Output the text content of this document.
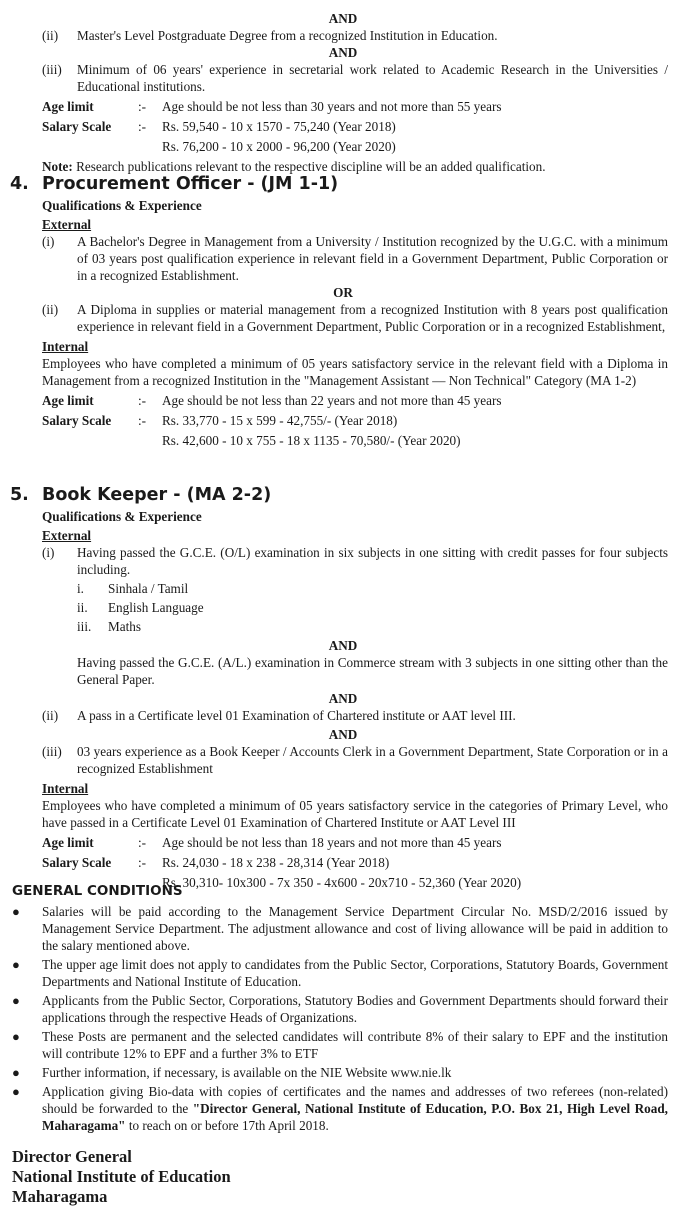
AND
(ii)	Master's Level Postgraduate Degree from a recognized Institution in Education.
AND
(iii)	Minimum of 06 years' experience in secretarial work related to Academic Research in the Universities / Educational institutions.
Age limit	:-	Age should be not less than 30 years and not more than 55 years
Salary Scale	:-	Rs. 59,540 - 10 x 1570 - 75,240 (Year 2018)
Rs. 76,200 - 10 x 2000 - 96,200 (Year 2020)
Note: Research publications relevant to the respective discipline will be an added qualification.
4. Procurement Officer - (JM 1-1)
Qualifications & Experience
External
(i)	A Bachelor's Degree in Management from a University / Institution recognized by the U.G.C. with a minimum of 03 years post qualification experience in relevant field in a Government Department, Public Corporation or in a recognized Establishment.
OR
(ii)	A Diploma in supplies or material management from a recognized Institution with 8 years post qualification experience in relevant field in a Government Department, Public Corporation or in a recognized Establishment,
Internal
Employees who have completed a minimum of 05 years satisfactory service in the relevant field with a Diploma in Management from a recognized Institution in the "Management Assistant — Non Technical" Category (MA 1-2)
Age limit	:-	Age should be not less than 22 years and not more than 45 years
Salary Scale	:-	Rs. 33,770 - 15 x 599 - 42,755/- (Year 2018)
Rs. 42,600 - 10 x 755 - 18 x 1135 - 70,580/- (Year 2020)
5. Book Keeper - (MA 2-2)
Qualifications & Experience
External
(i)	Having passed the G.C.E. (O/L) examination in six subjects in one sitting with credit passes for four subjects including.
i.	Sinhala / Tamil
ii.	English Language
iii.	Maths
AND
Having passed the G.C.E. (A/L.) examination in Commerce stream with 3 subjects in one sitting other than the General Paper.
AND
(ii)	A pass in a Certificate level 01 Examination of Chartered institute or AAT level III.
AND
(iii)	03 years experience as a Book Keeper / Accounts Clerk in a Government Department, State Corporation or in a recognized Establishment
Internal
Employees who have completed a minimum of 05 years satisfactory service in the categories of Primary Level, who have passed in a Certificate Level 01 Examination of Chartered Institute or AAT Level III
Age limit	:-	Age should be not less than 18 years and not more than 45 years
Salary Scale	:-	Rs. 24,030 - 18 x 238 - 28,314 (Year 2018)
Rs. 30,310- 10x300 - 7x 350 - 4x600 - 20x710 - 52,360 (Year 2020)
GENERAL CONDITIONS
●	Salaries will be paid according to the Management Service Department Circular No. MSD/2/2016 issued by Management Service Department. The adjustment allowance and cost of living allowance will be paid in addition to the salary mentioned above.
●	The upper age limit does not apply to candidates from the Public Sector, Corporations, Statutory Boards, Government Departments and National Institute of Education.
●	Applicants from the Public Sector, Corporations, Statutory Bodies and Government Departments should forward their applications through the respective Heads of Organizations.
●	These Posts are permanent and the selected candidates will contribute 8% of their salary to EPF and the institution will contribute 12% to EPF and a further 3% to ETF
●	Further information, if necessary, is available on the NIE Website www.nie.lk
●	Application giving Bio-data with copies of certificates and the names and addresses of two referees (non-related) should be forwarded to the "Director General, National Institute of Education, P.O. Box 21, High Level Road, Maharagama" to reach on or before 17th April 2018.
Director General
National Institute of Education
Maharagama
